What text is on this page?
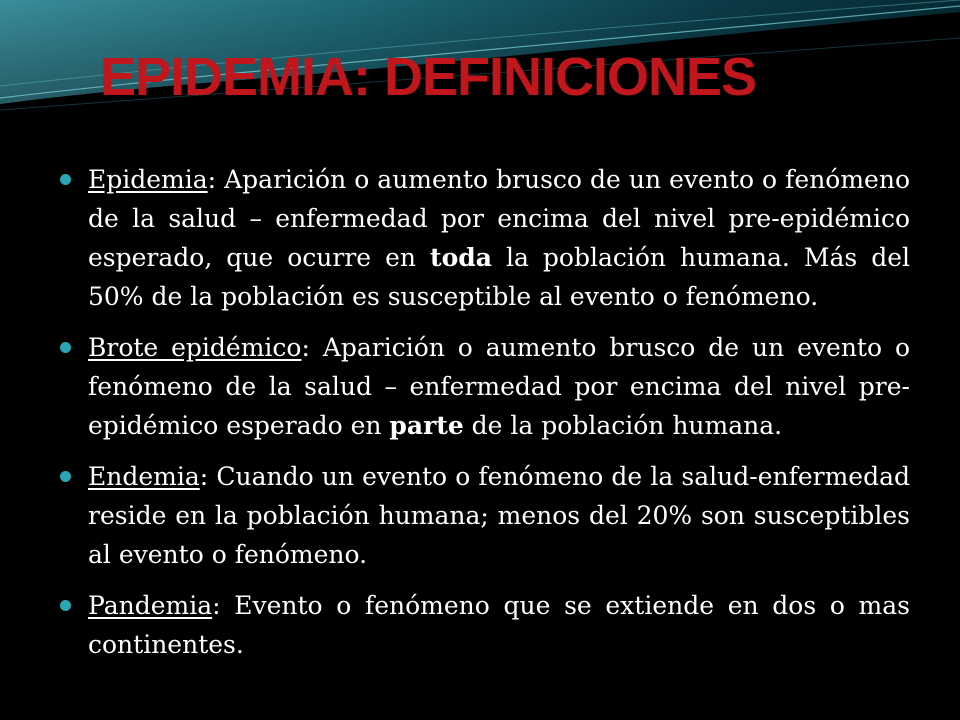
EPIDEMIA: DEFINICIONES
Epidemia: Aparición o aumento brusco de un evento o fenómeno de la salud – enfermedad por encima del nivel pre-epidémico esperado, que ocurre en toda la población humana. Más del 50% de la población es susceptible al evento o fenómeno.
Brote epidémico: Aparición o aumento brusco de un evento o fenómeno de la salud – enfermedad por encima del nivel pre-epidémico esperado en parte de la población humana.
Endemia: Cuando un evento o fenómeno de la salud-enfermedad reside en la población humana; menos del 20% son susceptibles al evento o fenómeno.
Pandemia: Evento o fenómeno que se extiende en dos o mas continentes.
